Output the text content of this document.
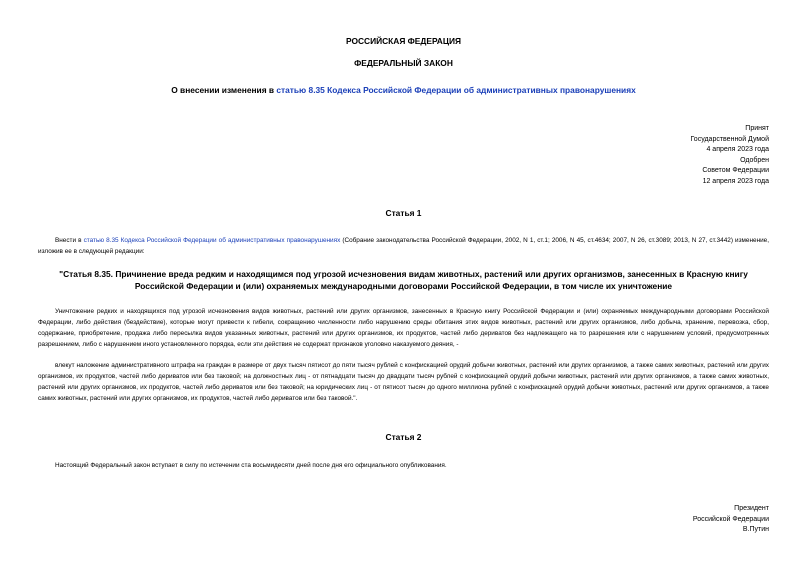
РОССИЙСКАЯ ФЕДЕРАЦИЯ
ФЕДЕРАЛЬНЫЙ ЗАКОН
О внесении изменения в статью 8.35 Кодекса Российской Федерации об административных правонарушениях
Принят
Государственной Думой
4 апреля 2023 года
Одобрен
Советом Федерации
12 апреля 2023 года
Статья 1
Внести в статью 8.35 Кодекса Российской Федерации об административных правонарушениях (Собрание законодательства Российской Федерации, 2002, N 1, ст.1; 2006, N 45, ст.4634; 2007, N 26, ст.3089; 2013, N 27, ст.3442) изменение, изложив ее в следующей редакции:
"Статья 8.35. Причинение вреда редким и находящимся под угрозой исчезновения видам животных, растений или других организмов, занесенных в Красную книгу Российской Федерации и (или) охраняемых международными договорами Российской Федерации, в том числе их уничтожение
Уничтожение редких и находящихся под угрозой исчезновения видов животных, растений или других организмов, занесенных в Красную книгу Российской Федерации и (или) охраняемых международными договорами Российской Федерации, либо действия (бездействие), которые могут привести к гибели, сокращению численности либо нарушению среды обитания этих видов животных, растений или других организмов, либо добыча, хранение, перевозка, сбор, содержание, приобретение, продажа либо пересылка видов указанных животных, растений или других организмов, их продуктов, частей либо дериватов без надлежащего на то разрешения или с нарушением условий, предусмотренных разрешением, либо с нарушением иного установленного порядка, если эти действия не содержат признаков уголовно наказуемого деяния, -
влекут наложение административного штрафа на граждан в размере от двух тысяч пятисот до пяти тысяч рублей с конфискацией орудий добычи животных, растений или других организмов, а также самих животных, растений или других организмов, их продуктов, частей либо дериватов или без таковой; на должностных лиц - от пятнадцати тысяч до двадцати тысяч рублей с конфискацией орудий добычи животных, растений или других организмов, а также самих животных, растений или других организмов, их продуктов, частей либо дериватов или без таковой; на юридических лиц - от пятисот тысяч до одного миллиона рублей с конфискацией орудий добычи животных, растений или других организмов, а также самих животных, растений или других организмов, их продуктов, частей либо дериватов или без таковой.".
Статья 2
Настоящий Федеральный закон вступает в силу по истечении ста восьмидесяти дней после дня его официального опубликования.
Президент
Российской Федерации
В.Путин
